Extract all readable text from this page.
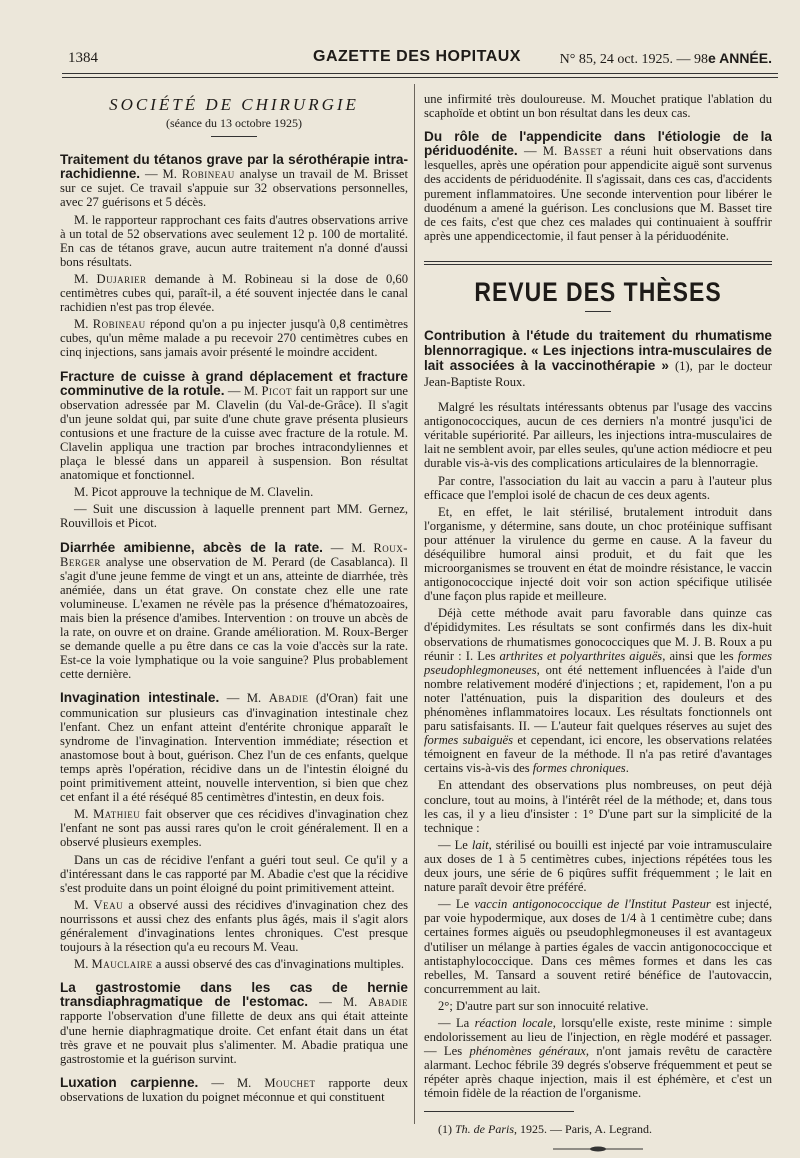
1384	GAZETTE DES HOPITAUX	N° 85, 24 oct. 1925. — 98e ANNÉE.
SOCIÉTÉ DE CHIRURGIE
(séance du 13 octobre 1925)

Traitement du tétanos grave par la sérothérapie intra-rachidienne. — M. Robineau analyse un travail de M. Brisset sur ce sujet. Ce travail s'appuie sur 32 observations personnelles, avec 27 guérisons et 5 décès.

M. le rapporteur rapprochant ces faits d'autres observations arrive à un total de 52 observations avec seulement 12 p. 100 de mortalité. En cas de tétanos grave, aucun autre traitement n'a donné d'aussi bons résultats.

M. Dujarier demande à M. Robineau si la dose de 0,60 centimètres cubes qui, paraît-il, a été souvent injectée dans le canal rachidien n'est pas trop élevée.

M. Robineau répond qu'on a pu injecter jusqu'à 0,8 centimètres cubes, qu'un même malade a pu recevoir 270 centimètres cubes en cinq injections, sans jamais avoir présenté le moindre accident.

Fracture de cuisse à grand déplacement et fracture comminutive de la rotule. — M. Picot fait un rapport sur une observation adressée par M. Clavelin (du Val-de-Grâce). Il s'agit d'un jeune soldat qui, par suite d'une chute grave présenta plusieurs contusions et une fracture de la cuisse avec fracture de la rotule. M. Clavelin appliqua une traction par broches intracondyliennes et plaça le blessé dans un appareil à suspension. Bon résultat anatomique et fonctionnel.

M. Picot approuve la technique de M. Clavelin.

— Suit une discussion à laquelle prennent part MM. Gernez, Rouvillois et Picot.

Diarrhée amibienne, abcès de la rate. — M. Roux-Berger analyse une observation de M. Perard (de Casablanca). Il s'agit d'une jeune femme de vingt et un ans, atteinte de diarrhée, très anémiée, dans un état grave. On constate chez elle une rate volumineuse. L'examen ne révèle pas la présence d'hématozoaires, mais bien la présence d'amibes. Intervention : on trouve un abcès de la rate, on ouvre et on draine. Grande amélioration. M. Roux-Berger se demande quelle a pu être dans ce cas la voie d'accès sur la rate. Est-ce la voie lymphatique ou la voie sanguine? Plus probablement cette dernière.

Invagination intestinale. — M. Abadie (d'Oran) fait une communication sur plusieurs cas d'invagination intestinale chez l'enfant. Chez un enfant atteint d'entérite chronique apparaît le syndrome de l'invagination. Intervention immédiate; résection et anastomose bout à bout, guérison. Chez l'un de ces enfants, quelque temps après l'opération, récidive dans un de l'intestin éloigné du point primitivement atteint, nouvelle intervention, si bien que chez cet enfant il a été réséqué 85 centimètres d'intestin, en deux fois.

M. Mathieu fait observer que ces récidives d'invagination chez l'enfant ne sont pas aussi rares qu'on le croit généralement. Il en a observé plusieurs exemples.

Dans un cas de récidive l'enfant a guéri tout seul. Ce qu'il y a d'intéressant dans le cas rapporté par M. Abadie c'est que la récidive s'est produite dans un point éloigné du point primitivement atteint.

M. Veau a observé aussi des récidives d'invagination chez des nourrissons et aussi chez des enfants plus âgés, mais il s'agit alors généralement d'invaginations lentes chroniques. C'est presque toujours à la résection qu'a eu recours M. Veau.

M. Mauclaire a aussi observé des cas d'invaginations multiples.

La gastrostomie dans les cas de hernie transdiaphragmatique de l'estomac. — M. Abadie rapporte l'observation d'une fillette de deux ans qui était atteinte d'une hernie diaphragmatique droite. Cet enfant était dans un état très grave et ne pouvait plus s'alimenter. M. Abadie pratiqua une gastrostomie et la guérison survint.

Luxation carpienne. — M. Mouchet rapporte deux observations de luxation du poignet méconnue et qui constituent

une infirmité très douloureuse. M. Mouchet pratique l'ablation du scaphoïde et obtint un bon résultat dans les deux cas.

Du rôle de l'appendicite dans l'étiologie de la périduodénite. — M. Basset a réuni huit observations dans lesquelles, après une opération pour appendicite aiguë sont survenus des accidents de périduodénite. Il s'agissait, dans ces cas, d'accidents purement inflammatoires. Une seconde intervention pour libérer le duodénum a amené la guérison. Les conclusions que M. Basset tire de ces faits, c'est que chez ces malades qui continuaient à souffrir après une appendicectomie, il faut penser à la périduodénite.

REVUE DES THÈSES
Contribution à l'étude du traitement du rhumatisme blennorragique. « Les injections intra-musculaires de lait associées à la vaccinothérapie » (1), par le docteur Jean-Baptiste Roux.

Malgré les résultats intéressants obtenus par l'usage des vaccins antigonococciques, aucun de ces derniers n'a montré jusqu'ici de véritable supériorité. Par ailleurs, les injections intra-musculaires de lait ne semblent avoir, par elles seules, qu'une action médiocre et peu durable vis-à-vis des complications articulaires de la blennorragie.

Par contre, l'association du lait au vaccin a paru à l'auteur plus efficace que l'emploi isolé de chacun de ces deux agents.

Et, en effet, le lait stérilisé, brutalement introduit dans l'organisme, y détermine, sans doute, un choc protéinique suffisant pour atténuer la virulence du germe en cause. A la faveur du déséquilibre humoral ainsi produit, et du fait que les microorganismes se trouvent en état de moindre résistance, le vaccin antigonococcique injecté doit voir son action spécifique utilisée d'une façon plus rapide et meilleure.

Déjà cette méthode avait paru favorable dans quinze cas d'épididymites. Les résultats se sont confirmés dans les dix-huit observations de rhumatismes gonococciques que M. J. B. Roux a pu réunir : I. Les arthrites et polyarthrites aiguës, ainsi que les formes pseudophlegmoneuses, ont été nettement influencées à l'aide d'un nombre relativement modéré d'injections ; et, rapidement, l'on a pu noter l'atténuation, puis la disparition des douleurs et des phénomènes inflammatoires locaux. Les résultats fonctionnels ont paru satisfaisants. II. — L'auteur fait quelques réserves au sujet des formes subaiguës et cependant, ici encore, les observations relatées témoignent en faveur de la méthode. Il n'a pas retiré d'avantages certains vis-à-vis des formes chroniques.

En attendant des observations plus nombreuses, on peut déjà conclure, tout au moins, à l'intérêt réel de la méthode; et, dans tous les cas, il y a lieu d'insister : 1° D'une part sur la simplicité de la technique :

— Le lait, stérilisé ou bouilli est injecté par voie intramusculaire aux doses de 1 à 5 centimètres cubes, injections répétées tous les deux jours, une série de 6 piqûres suffit fréquemment ; le lait en nature paraît devoir être préféré.

— Le vaccin antigonococcique de l'Institut Pasteur est injecté, par voie hypodermique, aux doses de 1/4 à 1 centimètre cube; dans certaines formes aiguës ou pseudophlegmoneuses il est avantageux d'utiliser un mélange à parties égales de vaccin antigonococcique et antistaphylococcique. Dans ces mêmes formes et dans les cas rebelles, M. Tansard a souvent retiré bénéfice de l'autovaccin, concurremment au lait.

2°; D'autre part sur son innocuité relative.

— La réaction locale, lorsqu'elle existe, reste minime : simple endolorissement au lieu de l'injection, en règle modéré et passager. — Les phénomènes généraux, n'ont jamais revêtu de caractère alarmant. Lechoc fébrile 39 degrés s'observe fréquemment et peut se répéter après chaque injection, mais il est éphémère, et c'est un témoin fidèle de la réaction de l'organisme.

(1) Th. de Paris, 1925. — Paris, A. Legrand.
